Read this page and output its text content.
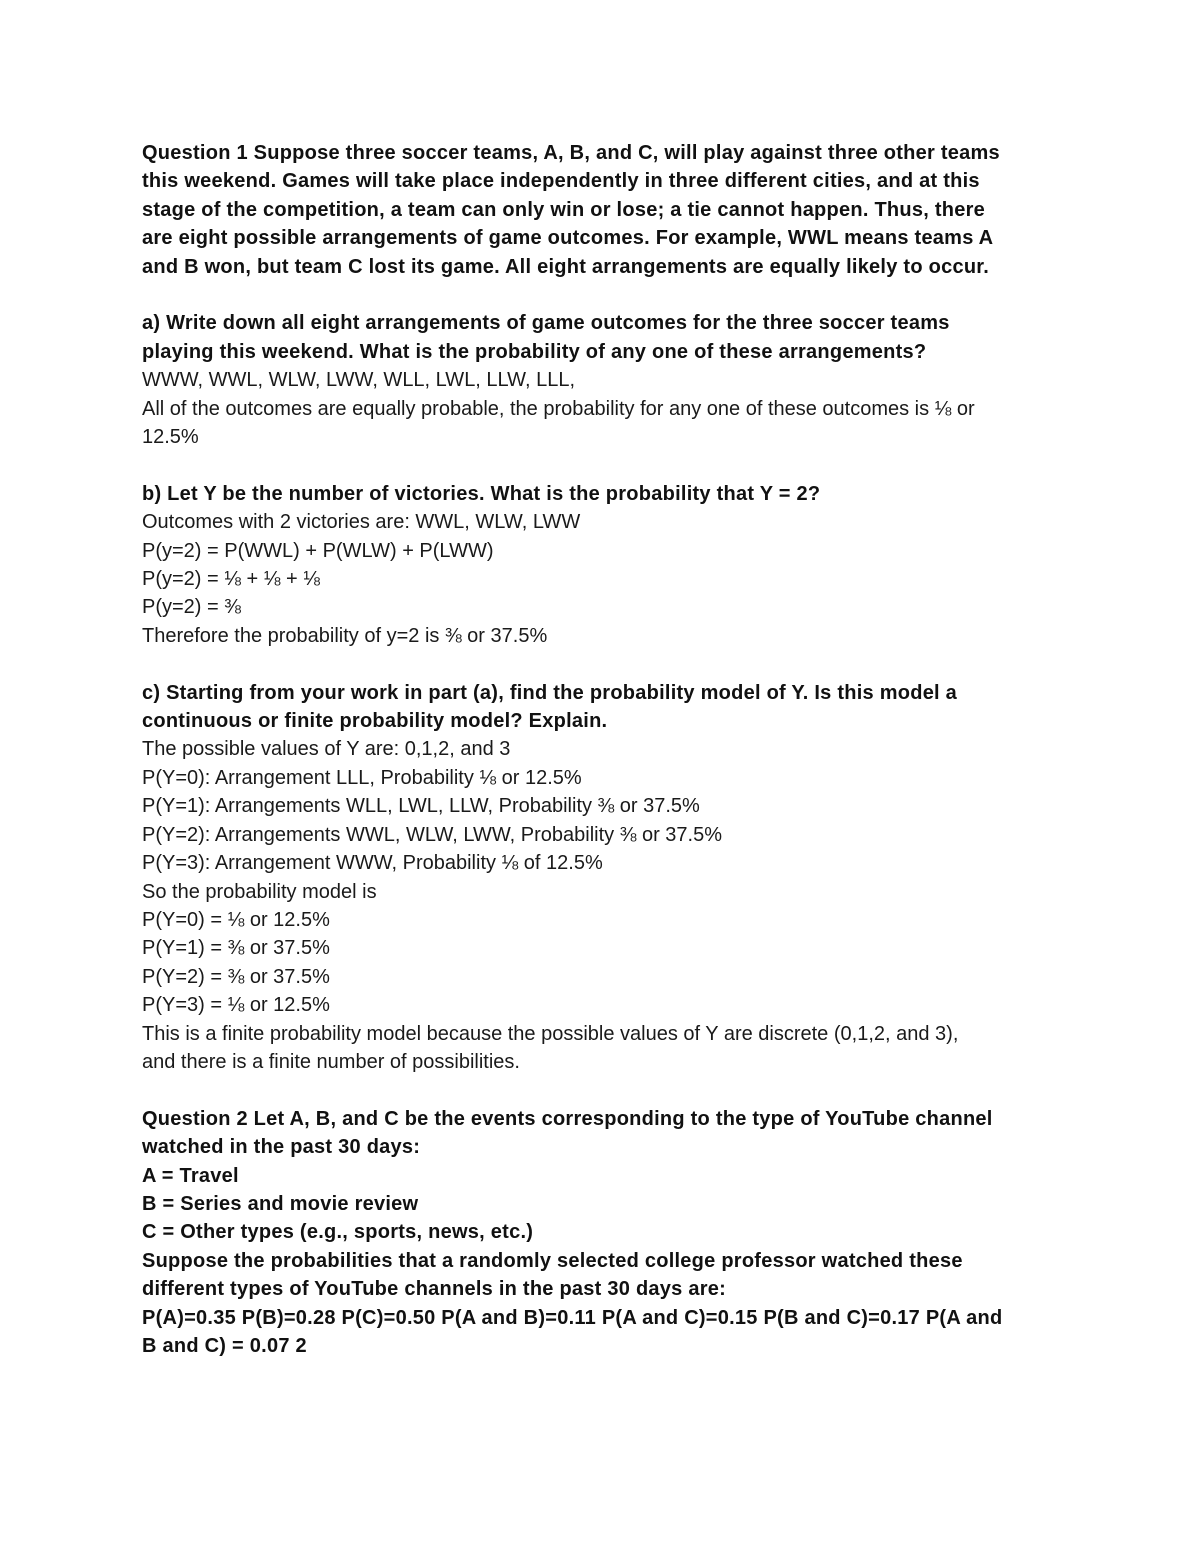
Question 1 Suppose three soccer teams, A, B, and C, will play against three other teams
this weekend. Games will take place independently in three different cities, and at this
stage of the competition, a team can only win or lose; a tie cannot happen. Thus, there
are eight possible arrangements of game outcomes. For example, WWL means teams A
and B won, but team C lost its game. All eight arrangements are equally likely to occur.
a) Write down all eight arrangements of game outcomes for the three soccer teams
playing this weekend. What is the probability of any one of these arrangements?
WWW, WWL, WLW, LWW, WLL, LWL, LLW, LLL,
All of the outcomes are equally probable, the probability for any one of these outcomes is ⅛ or
12.5%
b) Let Y be the number of victories. What is the probability that Y = 2?
Outcomes with 2 victories are: WWL, WLW, LWW
P(y=2) = P(WWL) + P(WLW) + P(LWW)
P(y=2) = ⅛ + ⅛ + ⅛
P(y=2) = ⅜
Therefore the probability of y=2 is ⅜ or 37.5%
c) Starting from your work in part (a), find the probability model of Y. Is this model a
continuous or finite probability model? Explain.
The possible values of Y are: 0,1,2, and 3
P(Y=0): Arrangement LLL, Probability ⅛ or 12.5%
P(Y=1): Arrangements WLL, LWL, LLW, Probability ⅜ or 37.5%
P(Y=2): Arrangements WWL, WLW, LWW, Probability ⅜ or 37.5%
P(Y=3): Arrangement WWW, Probability ⅛ of 12.5%
So the probability model is
P(Y=0) = ⅛ or 12.5%
P(Y=1) = ⅜ or 37.5%
P(Y=2) = ⅜ or 37.5%
P(Y=3) = ⅛ or 12.5%
This is a finite probability model because the possible values of Y are discrete (0,1,2, and 3),
and there is a finite number of possibilities.
Question 2 Let A, B, and C be the events corresponding to the type of YouTube channel
watched in the past 30 days:
A = Travel
B = Series and movie review
C = Other types (e.g., sports, news, etc.)
Suppose the probabilities that a randomly selected college professor watched these
different types of YouTube channels in the past 30 days are:
P(A)=0.35 P(B)=0.28 P(C)=0.50 P(A and B)=0.11 P(A and C)=0.15 P(B and C)=0.17 P(A and
B and C) = 0.07 2
